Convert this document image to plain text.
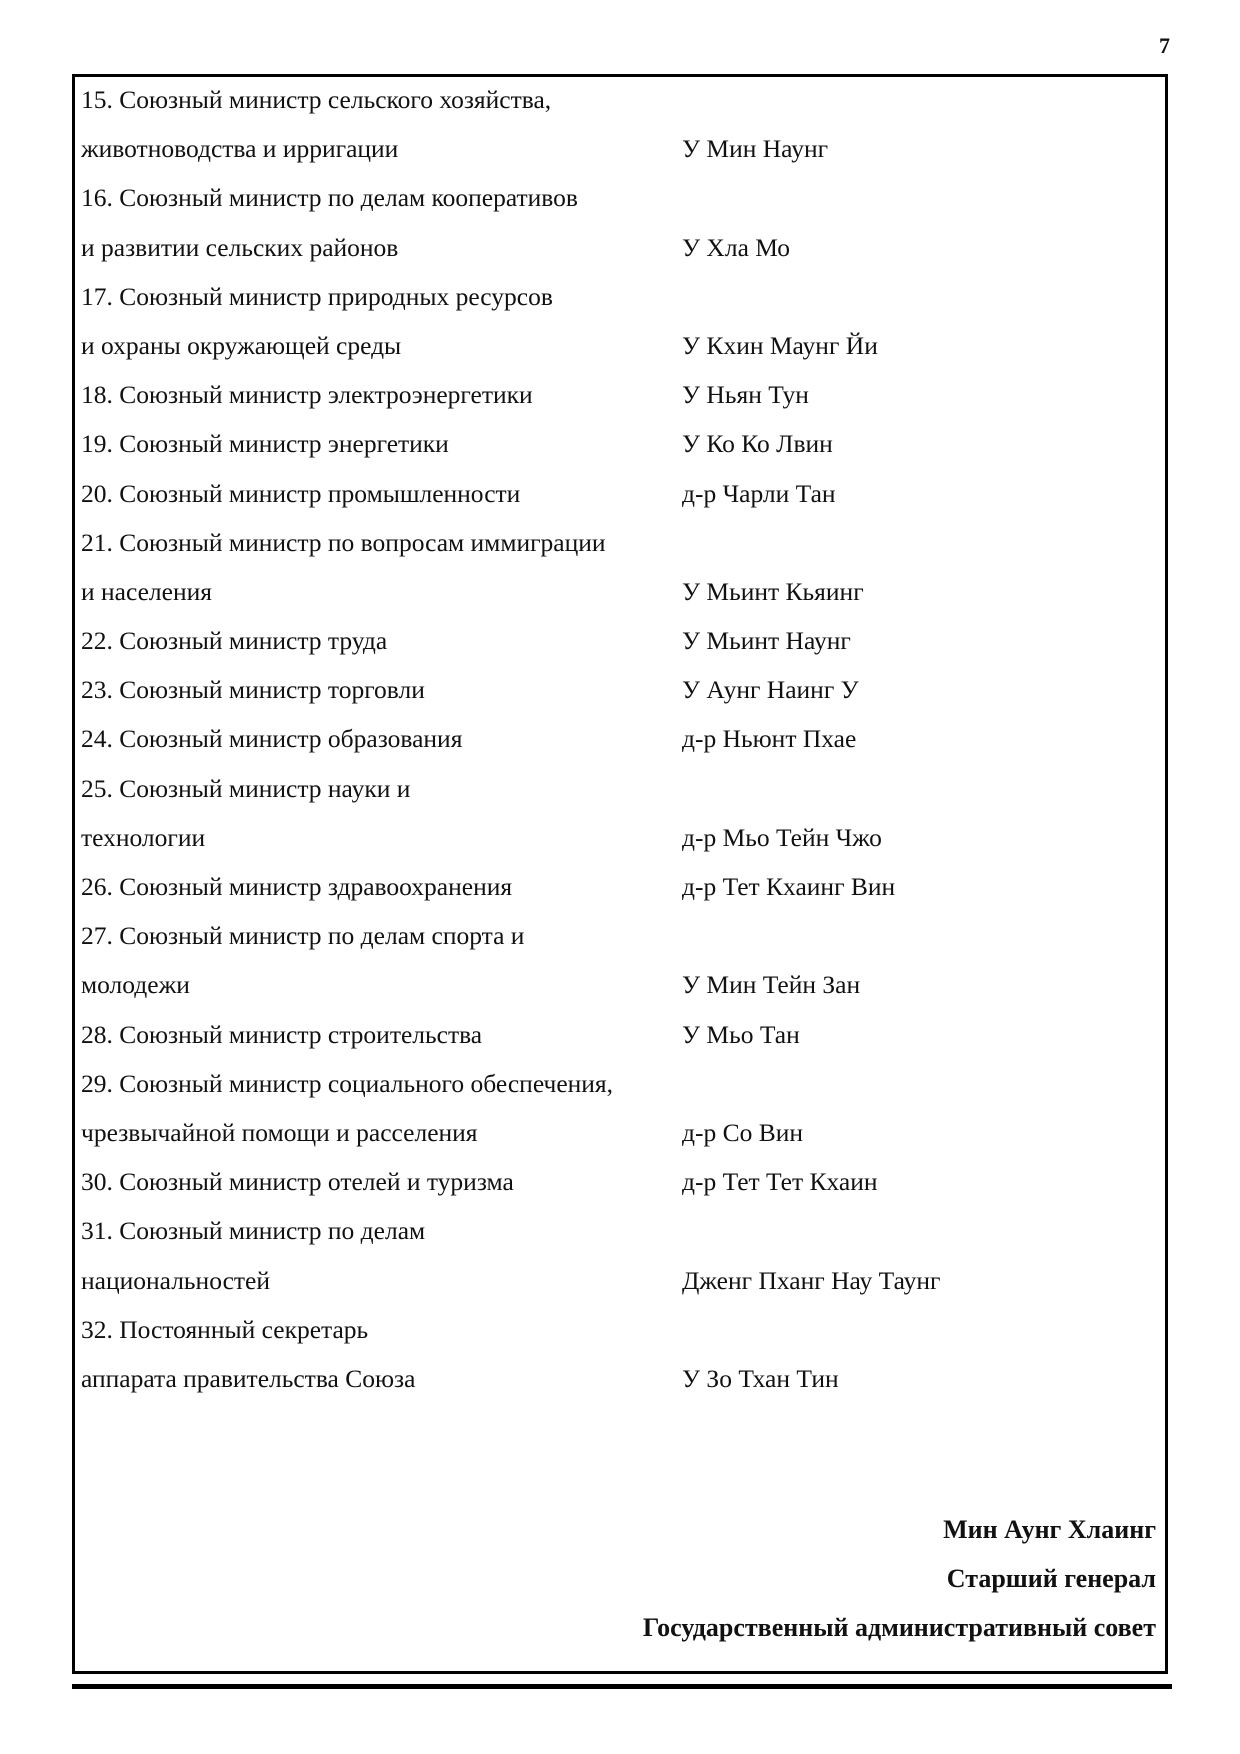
7
15. Союзный министр сельского хозяйства,
животноводства и ирригации	У Мин Наунг
16. Союзный министр по делам кооперативов
и развитии сельских районов	У Хла Мо
17. Союзный министр природных ресурсов
и охраны окружающей среды	У Кхин Маунг Йи
18. Союзный министр электроэнергетики	У Ньян Тун
19. Союзный министр энергетики	У Ко Ко Лвин
20. Союзный министр промышленности	д-р Чарли Тан
21. Союзный министр по вопросам иммиграции
и населения	У Мьинт Кьяинг
22. Союзный министр труда	У Мьинт Наунг
23. Союзный министр торговли	У Аунг Наинг У
24. Союзный министр образования	д-р Ньюнт Пхае
25. Союзный министр науки и
технологии	д-р Мьо Тейн Чжо
26. Союзный министр здравоохранения	д-р Тет Кхаинг Вин
27. Союзный министр по делам спорта и
молодежи	У Мин Тейн Зан
28. Союзный министр строительства	У Мьо Тан
29. Союзный министр социального обеспечения,
чрезвычайной помощи и расселения	д-р Со Вин
30. Союзный министр отелей и туризма	д-р Тет Тет Кхаин
31. Союзный министр по делам
национальностей	Дженг Пханг Нау Таунг
32. Постоянный секретарь
аппарата правительства Союза	У Зо Тхан Тин
Мин Аунг Хлаинг
Старший генерал
Государственный административный совет
